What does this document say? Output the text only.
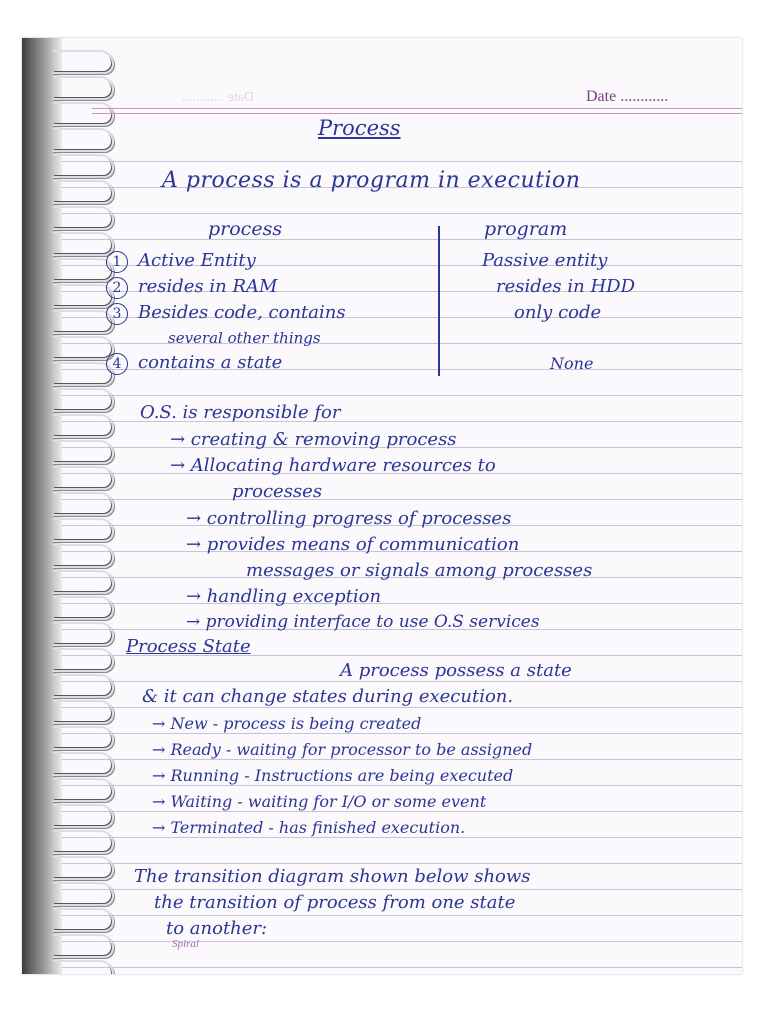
Date ............	Date ............
Process
A process is a program in execution
process	program
1 Active Entity	Passive entity
2 resides in RAM	resides in HDD
3 Besides code, contains	only code
several other things
4 contains a state	None
O.S. is responsible for
→ creating & removing process
→ Allocating hardware resources to
processes
→ controlling progress of processes
→ provides means of communication
messages or signals among processes
→ handling exception
→ providing interface to use O.S services
Process State
A process possess a state
& it can change states during execution.
→ New - process is being created
→ Ready - waiting for processor to be assigned
→ Running - Instructions are being executed
→ Waiting - waiting for I/O or some event
→ Terminated - has finished execution.
The transition diagram shown below shows
the transition of process from one state
to another:
Spiral
